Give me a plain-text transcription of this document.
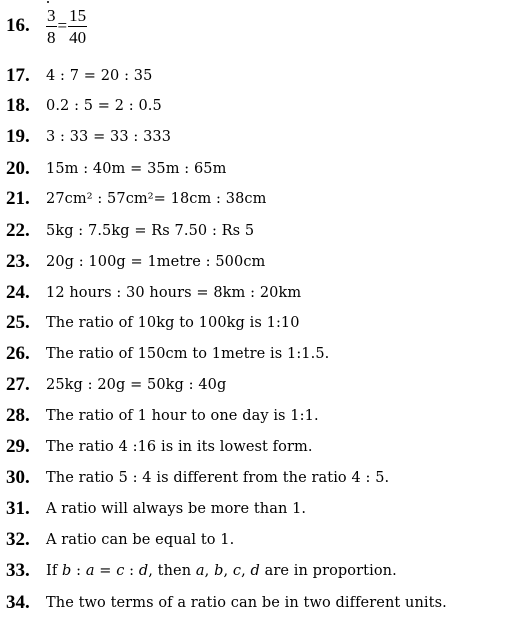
16. $\frac{3}{8} = \frac{15}{40}$
17.	4 : 7 = 20 : 35
18.	0.2 : 5 = 2 : 0.5
19.	3 : 33 = 33 : 333
20.	15m : 40m = 35m : 65m
21.	27cm² : 57cm²= 18cm : 38cm
22.	5kg : 7.5kg = Rs 7.50 : Rs 5
23.	20g : 100g = 1metre : 500cm
24.	12 hours : 30 hours = 8km : 20km
25.	The ratio of 10kg to 100kg is 1:10
26.	The ratio of 150cm to 1metre is 1:1.5.
27.	25kg : 20g = 50kg : 40g
28.	The ratio of 1 hour to one day is 1:1.
29.	The ratio 4 :16 is in its lowest form.
30.	The ratio 5 : 4 is different from the ratio 4 : 5.
31.	A ratio will always be more than 1.
32.	A ratio can be equal to 1.
33.	If b : a = c : d, then a, b, c, d are in proportion.
34.	The two terms of a ratio can be in two different units.
